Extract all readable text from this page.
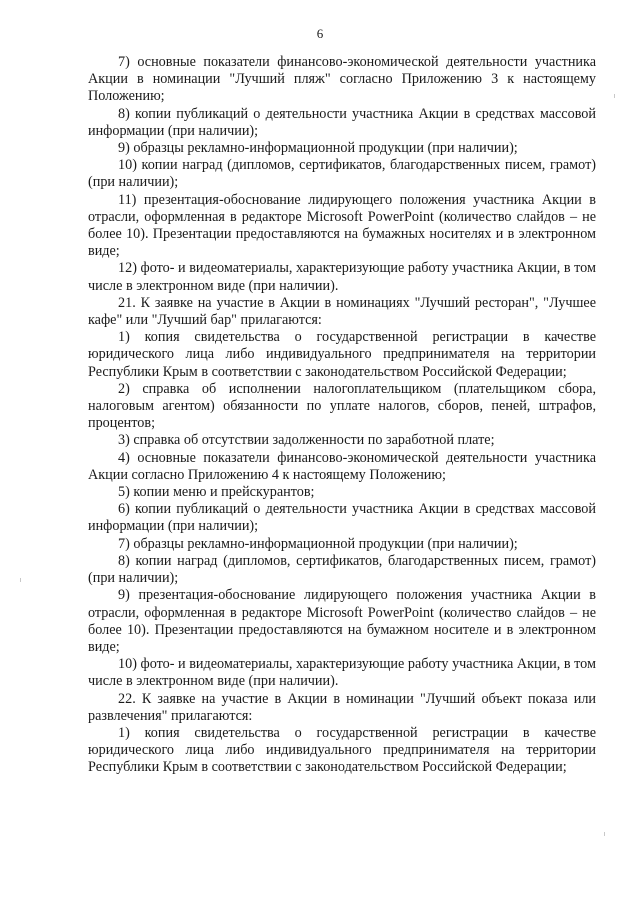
6

7) основные показатели финансово-экономической деятельности участника Акции в номинации "Лучший пляж" согласно Приложению 3 к настоящему Положению;

8) копии публикаций о деятельности участника Акции в средствах массовой информации (при наличии);

9) образцы рекламно-информационной продукции (при наличии);

10) копии наград (дипломов, сертификатов, благодарственных писем, грамот) (при наличии);

11) презентация-обоснование лидирующего положения участника Акции в отрасли, оформленная в редакторе Microsoft PowerPoint (количество слайдов – не более 10). Презентации предоставляются на бумажных носителях и в электронном виде;

12) фото- и видеоматериалы, характеризующие работу участника Акции, в том числе в электронном виде (при наличии).

21. К заявке на участие в Акции в номинациях "Лучший ресторан", "Лучшее кафе" или "Лучший бар" прилагаются:

1) копия свидетельства о государственной регистрации в качестве юридического лица либо индивидуального предпринимателя на территории Республики Крым в соответствии с законодательством Российской Федерации;

2) справка об исполнении налогоплательщиком (плательщиком сбора, налоговым агентом) обязанности по уплате налогов, сборов, пеней, штрафов, процентов;

3) справка об отсутствии задолженности по заработной плате;

4) основные показатели финансово-экономической деятельности участника Акции согласно Приложению 4 к настоящему Положению;

5) копии меню и прейскурантов;

6) копии публикаций о деятельности участника Акции в средствах массовой информации (при наличии);

7) образцы рекламно-информационной продукции (при наличии);

8) копии наград (дипломов, сертификатов, благодарственных писем, грамот) (при наличии);

9) презентация-обоснование лидирующего положения участника Акции в отрасли, оформленная в редакторе Microsoft PowerPoint (количество слайдов – не более 10). Презентации предоставляются на бумажном носителе и в электронном виде;

10) фото- и видеоматериалы, характеризующие работу участника Акции, в том числе в электронном виде (при наличии).

22. К заявке на участие в Акции в номинации "Лучший объект показа или развлечения" прилагаются:

1) копия свидетельства о государственной регистрации в качестве юридического лица либо индивидуального предпринимателя на территории Республики Крым в соответствии с законодательством Российской Федерации;
